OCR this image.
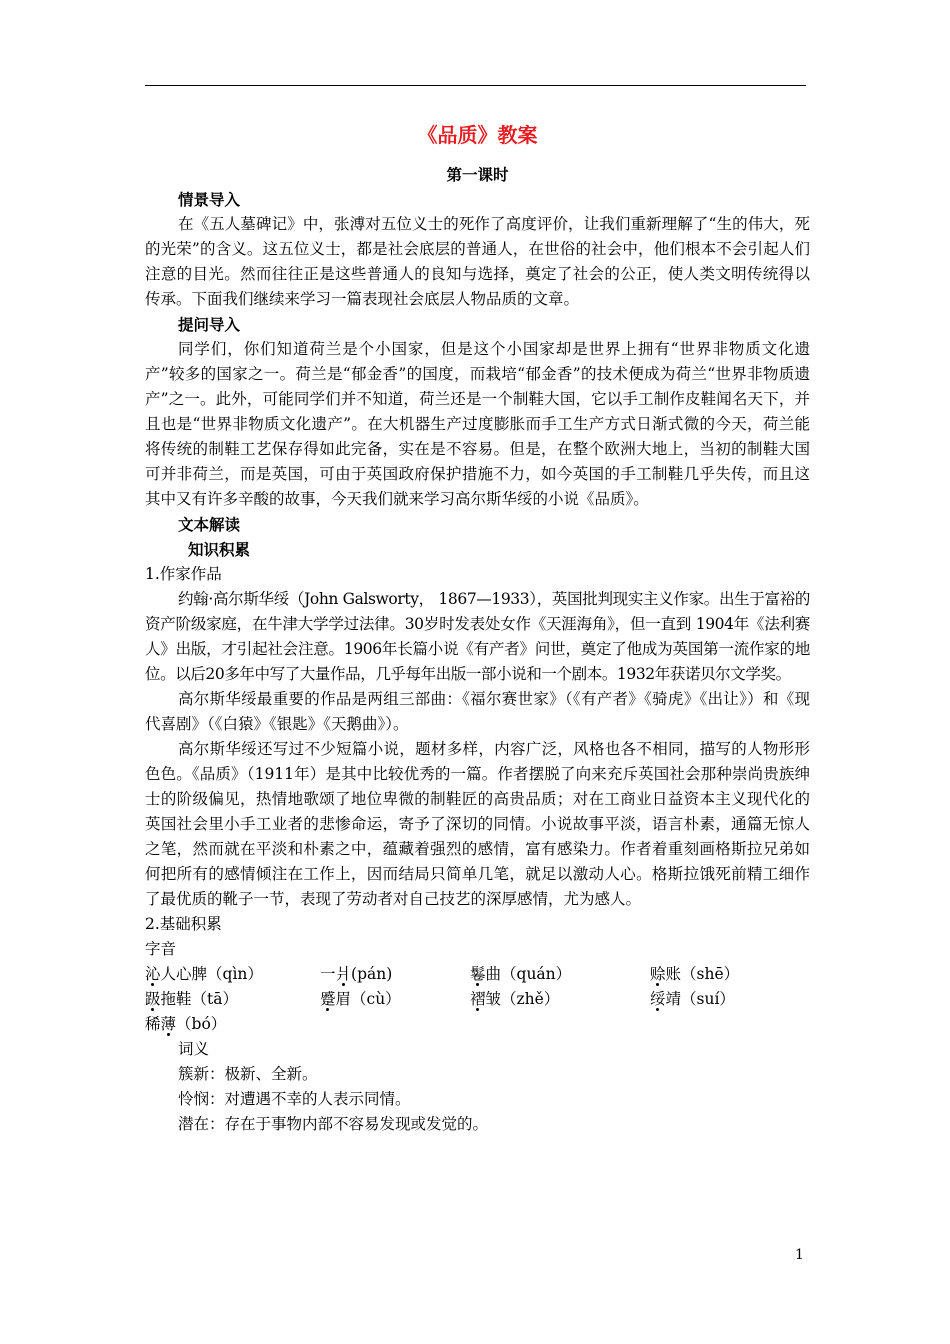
《品质》教案

第一课时

情景导入

在《五人墓碑记》中，张溥对五位义士的死作了高度评价，让我们重新理解了“生的伟大，死的光荣”的含义。这五位义士，都是社会底层的普通人，在世俗的社会中，他们根本不会引起人们注意的目光。然而往往正是这些普通人的良知与选择，奠定了社会的公正，使人类文明传统得以传承。下面我们继续来学习一篇表现社会底层人物品质的文章。

提问导入

同学们，你们知道荷兰是个小国家，但是这个小国家却是世界上拥有“世界非物质文化遗产”较多的国家之一。荷兰是“郁金香”的国度，而栽培“郁金香”的技术便成为荷兰“世界非物质遗产”之一。此外，可能同学们并不知道，荷兰还是一个制鞋大国，它以手工制作皮鞋闻名天下，并且也是“世界非物质文化遗产”。在大机器生产过度膨胀而手工生产方式日渐式微的今天，荷兰能将传统的制鞋工艺保存得如此完备，实在是不容易。但是，在整个欧洲大地上，当初的制鞋大国可并非荷兰，而是英国，可由于英国政府保护措施不力，如今英国的手工制鞋几乎失传，而且这其中又有许多辛酸的故事，今天我们就来学习高尔斯华绥的小说《品质》。

文本解读

知识积累

1.作家作品

约翰·高尔斯华绥（John Galsworty， 1867—1933），英国批判现实主义作家。出生于富裕的资产阶级家庭，在牛津大学学过法律。30岁时发表处女作《天涯海角》，但一直到 1904年《法利赛人》出版，才引起社会注意。1906年长篇小说《有产者》问世，奠定了他成为英国第一流作家的地位。以后20多年中写了大量作品，几乎每年出版一部小说和一个剧本。1932年获诺贝尔文学奖。

高尔斯华绥最重要的作品是两组三部曲：《福尔赛世家》（《有产者》《骑虎》《出让》）和《现代喜剧》（《白猿》《银匙》《天鹅曲》）。

高尔斯华绥还写过不少短篇小说，题材多样，内容广泛，风格也各不相同，描写的人物形形色色。《品质》（1911年）是其中比较优秀的一篇。作者摆脱了向来充斥英国社会那种崇尚贵族绅士的阶级偏见，热情地歌颂了地位卑微的制鞋匠的高贵品质；对在工商业日益资本主义现代化的英国社会里小手工业者的悲惨命运，寄予了深切的同情。小说故事平淡，语言朴素，通篇无惊人之笔，然而就在平淡和朴素之中，蕴藏着强烈的感情，富有感染力。作者着重刻画格斯拉兄弟如何把所有的感情倾注在工作上，因而结局只简单几笔，就足以激动人心。格斯拉饿死前精工细作了最优质的靴子一节，表现了劳动者对自己技艺的深厚感情，尤为感人。

2.基础积累

字音

沁人心脾（qìn）	一爿(pán)	鬈曲（quán）	赊账（shē）
趿拖鞋（tā）	蹙眉（cù）	褶皱（zhě）	绥靖（suí）
稀薄（bó）

词义

簇新：极新、全新。

怜悯：对遭遇不幸的人表示同情。

潜在：存在于事物内部不容易发现或发觉的。

1
